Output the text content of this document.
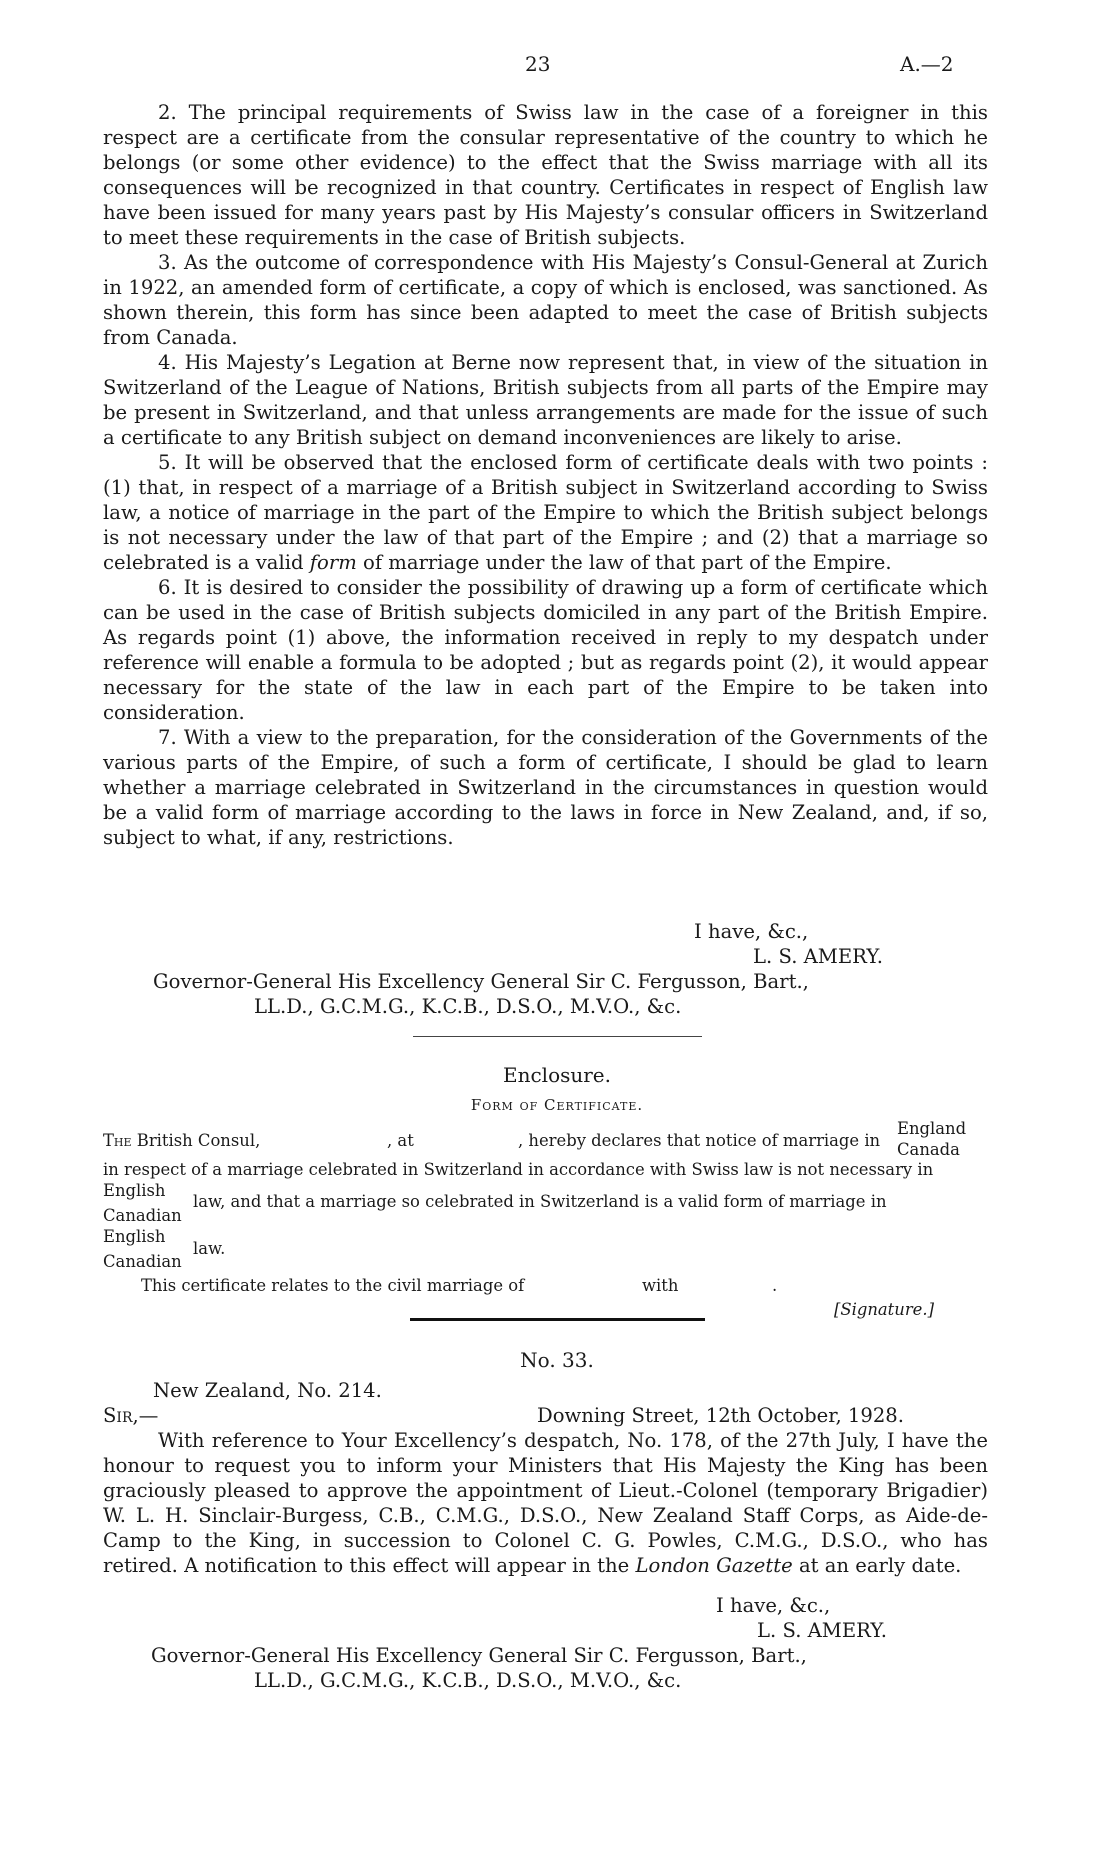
23	A.—2

2. The principal requirements of Swiss law in the case of a foreigner in this respect are a certificate from the consular representative of the country to which he belongs (or some other evidence) to the effect that the Swiss marriage with all its consequences will be recognized in that country. Certificates in respect of English law have been issued for many years past by His Majesty’s consular officers in Switzerland to meet these requirements in the case of British subjects.

3. As the outcome of correspondence with His Majesty’s Consul-General at Zurich in 1922, an amended form of certificate, a copy of which is enclosed, was sanctioned. As shown therein, this form has since been adapted to meet the case of British subjects from Canada.

4. His Majesty’s Legation at Berne now represent that, in view of the situation in Switzerland of the League of Nations, British subjects from all parts of the Empire may be present in Switzerland, and that unless arrangements are made for the issue of such a certificate to any British subject on demand inconveniences are likely to arise.

5. It will be observed that the enclosed form of certificate deals with two points : (1) that, in respect of a marriage of a British subject in Switzerland according to Swiss law, a notice of marriage in the part of the Empire to which the British subject belongs is not necessary under the law of that part of the Empire ; and (2) that a marriage so celebrated is a valid form of marriage under the law of that part of the Empire.

6. It is desired to consider the possibility of drawing up a form of certificate which can be used in the case of British subjects domiciled in any part of the British Empire. As regards point (1) above, the information received in reply to my despatch under reference will enable a formula to be adopted ; but as regards point (2), it would appear necessary for the state of the law in each part of the Empire to be taken into consideration.

7. With a view to the preparation, for the consideration of the Governments of the various parts of the Empire, of such a form of certificate, I should be glad to learn whether a marriage celebrated in Switzerland in the circumstances in question would be a valid form of marriage according to the laws in force in New Zealand, and, if so, subject to what, if any, restrictions.

I have, &c.,
L. S. AMERY.
Governor-General His Excellency General Sir C. Fergusson, Bart.,
LL.D., G.C.M.G., K.C.B., D.S.O., M.V.O., &c.
Enclosure.
Form of Certificate.
The British Consul,	, at	, hereby declares that notice of marriage in
England
Canada
in respect of a marriage celebrated in Switzerland in accordance with Swiss law is not necessary in
English
Canadian
law, and that a marriage so celebrated in Switzerland is a valid form of marriage in
English
Canadian
law.
This certificate relates to the civil marriage of	with	.
[Signature.]
No. 33.
New Zealand, No. 214.
Sir,—	Downing Street, 12th October, 1928.

With reference to Your Excellency’s despatch, No. 178, of the 27th July, I have the honour to request you to inform your Ministers that His Majesty the King has been graciously pleased to approve the appointment of Lieut.-Colonel (temporary Brigadier) W. L. H. Sinclair-Burgess, C.B., C.M.G., D.S.O., New Zealand Staff Corps, as Aide-de-Camp to the King, in succession to Colonel C. G. Powles, C.M.G., D.S.O., who has retired. A notification to this effect will appear in the London Gazette at an early date.

I have, &c.,
L. S. AMERY.
Governor-General His Excellency General Sir C. Fergusson, Bart.,
LL.D., G.C.M.G., K.C.B., D.S.O., M.V.O., &c.
